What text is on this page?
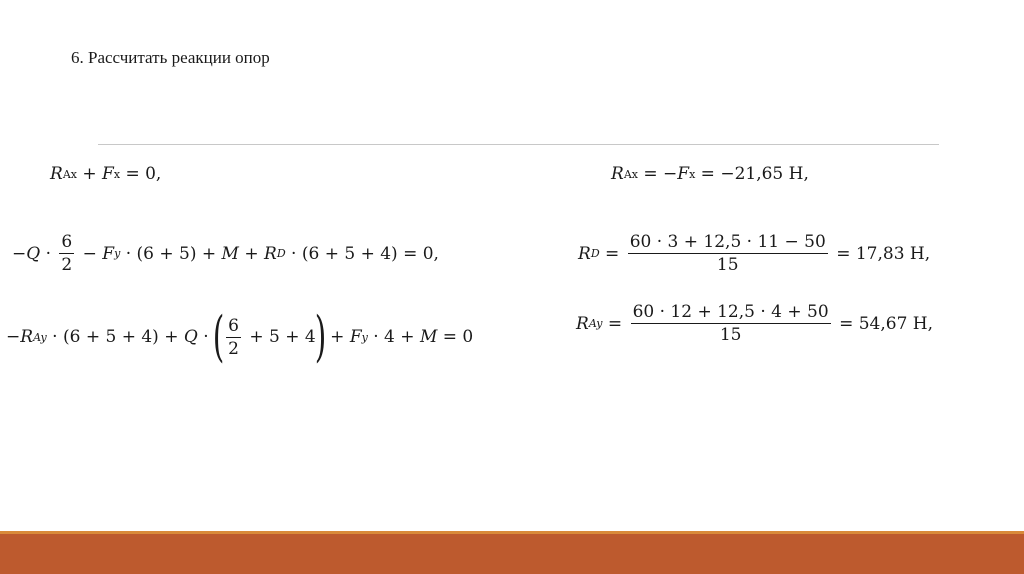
6. Рассчитать реакции опор
R Ax + F x = 0,
− $Q \cdot \frac{6}{2} - F$ y · (6 + 5) + M + R D · (6 + 5 + 4) = 0,
− R Ay · (6 + 5 + 4) + Q ·
( $\frac{6}{2} + 5 + 4$
)
+ F y · 4 + M = 0
R Ax = − F x = −21,65 Н,
R $D = \frac{60 \cdot 3 + 12,5 \cdot 11 - 50}{15} = 17,83$ Н,
R $Ay = \frac{60 \cdot 12 + 12,5 \cdot 4 + 50}{15} = 54,67$ Н,
